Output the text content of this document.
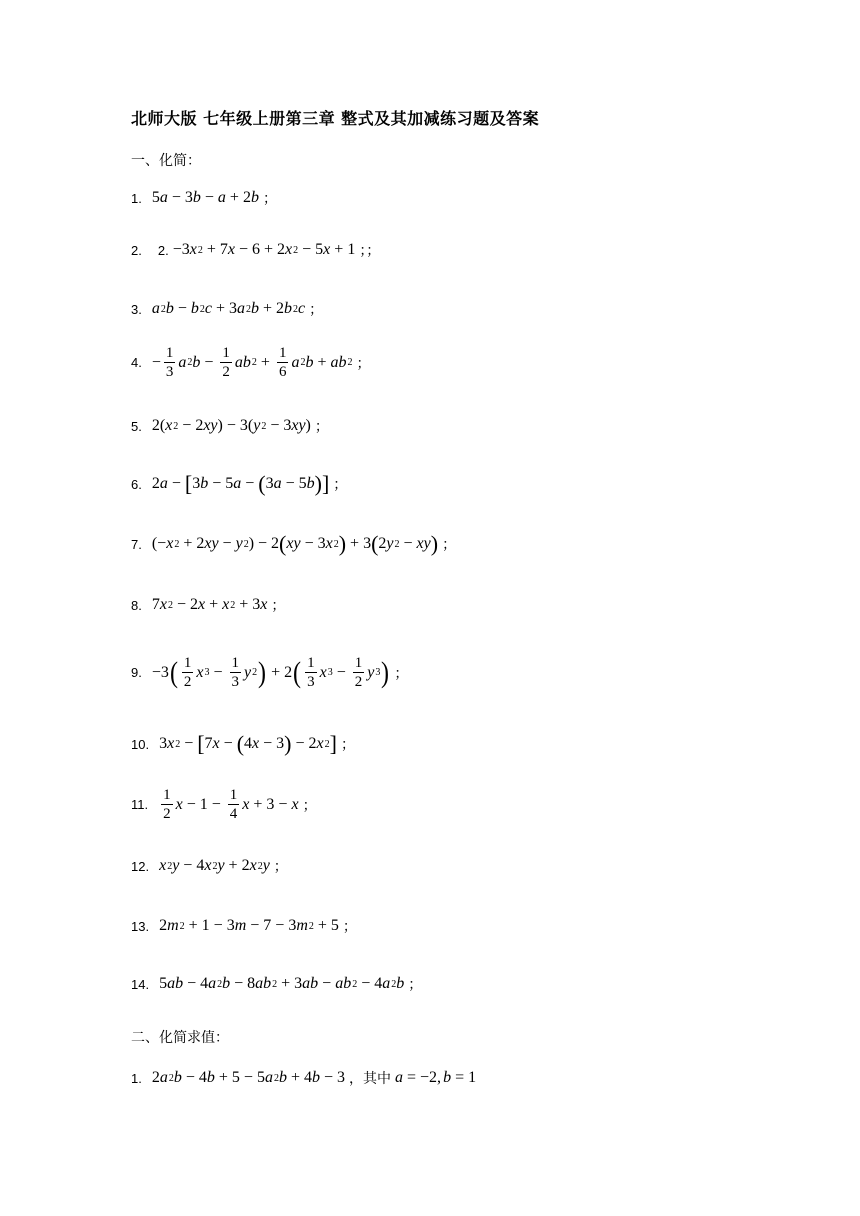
北师大版 七年级上册第三章 整式及其加减练习题及答案
一、化简：
1. 5 a − 3 b − a + 2 b ；
2. 2. −3 x 2 + 7 x − 6 + 2 x 2 − 5 x + 1 ；；
3. a 2 b − b 2 c + 3 a 2 b + 2 b 2 c ；
4. − $\frac{1}{3}$ a 2 $b - \frac{1}{2}$ ab $2 + \frac{1}{6}$ a 2 b + ab 2 ；
5. 2( x 2 − 2 xy ) − 3( y 2 − 3 xy ) ；
6. 2 a − [ 3 b − 5 a − ( 3 a − 5 b ) ] ；
7. (− x 2 + 2 xy − y 2 ) − 2 ( xy − 3 x 2 ) + 3 ( 2 y 2 − xy ) ；
8. 7 x 2 − 2 x + x 2 + 3 x ；
9. −3 ( $\frac{1}{2}$ x $3 - \frac{1}{3}$ y 2 ) + 2 ( $\frac{1}{3}$ x $3 - \frac{1}{2}$ y 3 ) ；
10. 3 x 2 − [ 7 x − ( 4 x − 3 ) − 2 x 2 ] ；
11. $\frac{1}{2}$ $x - 1 - \frac{1}{4}$ x + 3 − x ；
12. x 2 y − 4 x 2 y + 2 x 2 y ；
13. 2 m 2 + 1 − 3 m − 7 − 3 m 2 + 5 ；
14. 5 ab − 4 a 2 b − 8 ab 2 + 3 ab − ab 2 − 4 a 2 b ；
二、化简求值：
1. 2 a 2 b − 4 b + 5 − 5 a 2 b + 4 b − 3 ，其中 a = −2, b = 1
